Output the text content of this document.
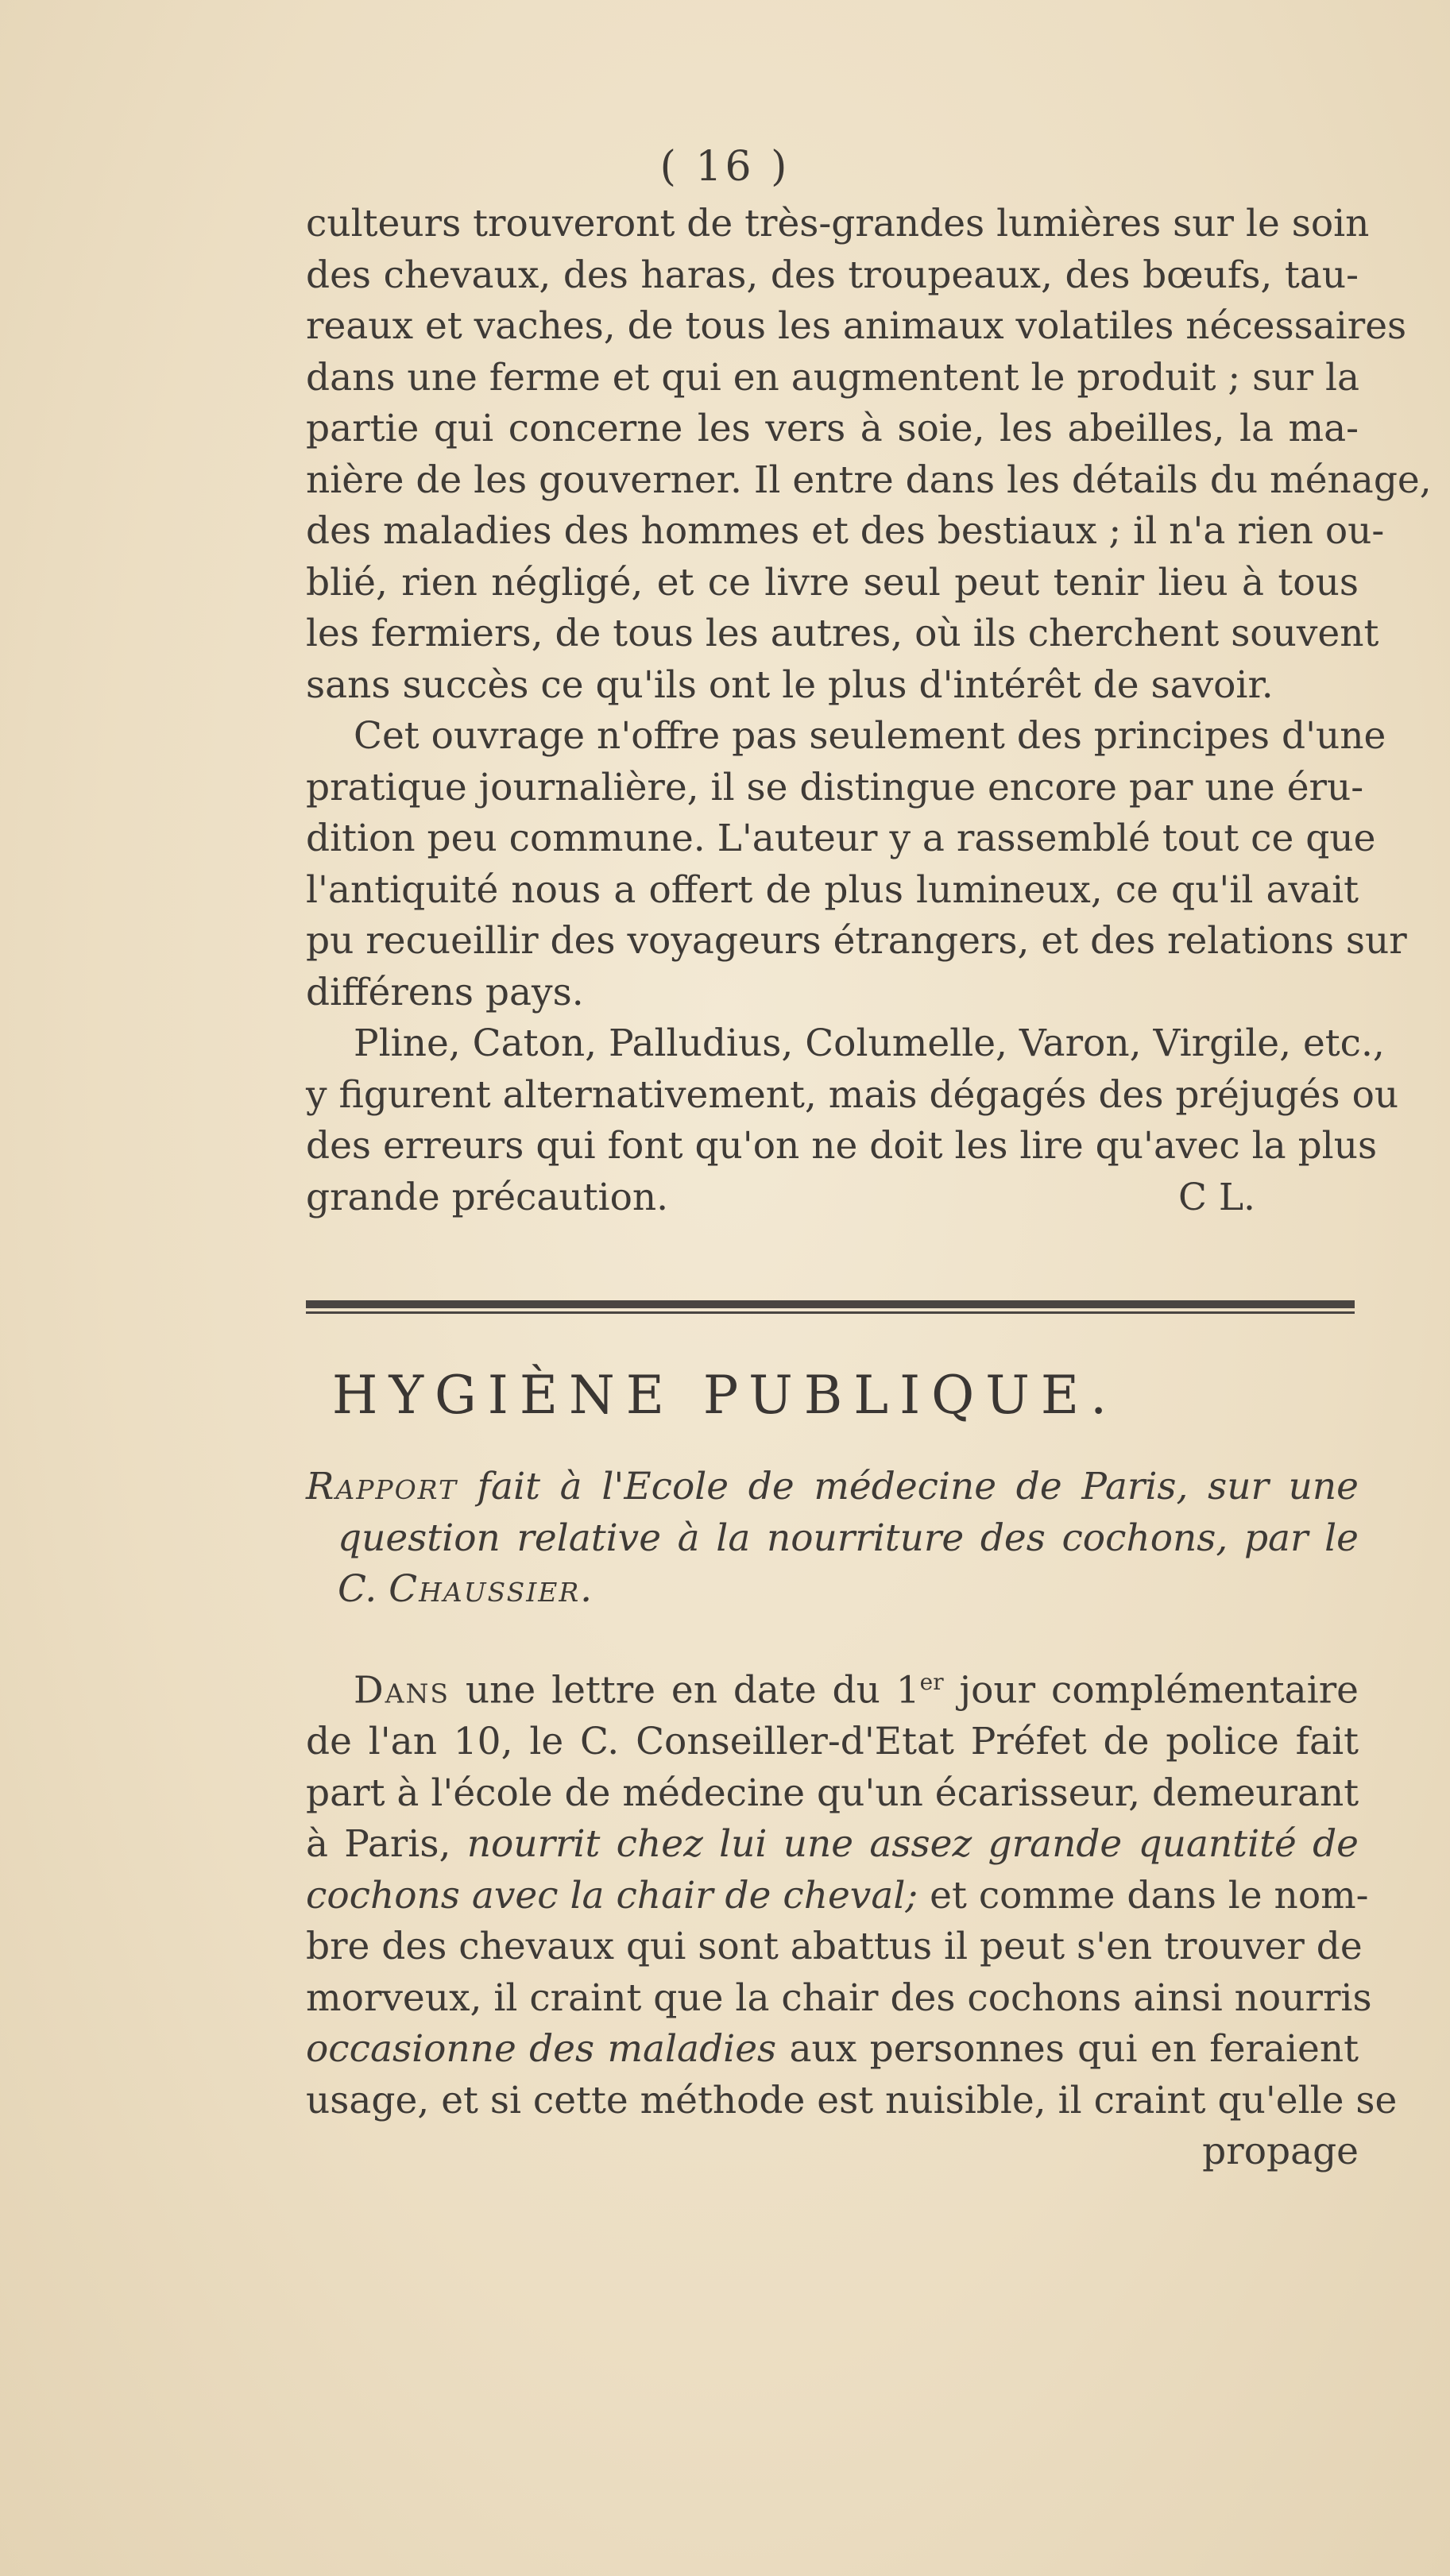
( 16 )
culteurs trouveront de très-grandes lumières sur le soin
des chevaux, des haras, des troupeaux, des bœufs, tau-
reaux et vaches, de tous les animaux volatiles nécessaires
dans une ferme et qui en augmentent le produit ; sur la
partie qui concerne les vers à soie, les abeilles, la ma-
nière de les gouverner. Il entre dans les détails du ménage,
des maladies des hommes et des bestiaux ; il n'a rien ou-
blié, rien négligé, et ce livre seul peut tenir lieu à tous
les fermiers, de tous les autres, où ils cherchent souvent
sans succès ce qu'ils ont le plus d'intérêt de savoir.
Cet ouvrage n'offre pas seulement des principes d'une
pratique journalière, il se distingue encore par une éru-
dition peu commune. L'auteur y a rassemblé tout ce que
l'antiquité nous a offert de plus lumineux, ce qu'il avait
pu recueillir des voyageurs étrangers, et des relations sur
différens pays.
Pline, Caton, Palludius, Columelle, Varon, Virgile, etc.,
y figurent alternativement, mais dégagés des préjugés ou
des erreurs qui font qu'on ne doit les lire qu'avec la plus
grande précaution.	C L.
HYGIÈNE PUBLIQUE.
Rapport fait à l'Ecole de médecine de Paris, sur une
question relative à la nourriture des cochons, par le
C. Chaussier.
Dans une lettre en date du 1er jour complémentaire
de l'an 10, le C. Conseiller-d'Etat Préfet de police fait
part à l'école de médecine qu'un écarisseur, demeurant
à Paris, nourrit chez lui une assez grande quantité de
cochons avec la chair de cheval; et comme dans le nom-
bre des chevaux qui sont abattus il peut s'en trouver de
morveux, il craint que la chair des cochons ainsi nourris
occasionne des maladies aux personnes qui en feraient
usage, et si cette méthode est nuisible, il craint qu'elle se
propage
